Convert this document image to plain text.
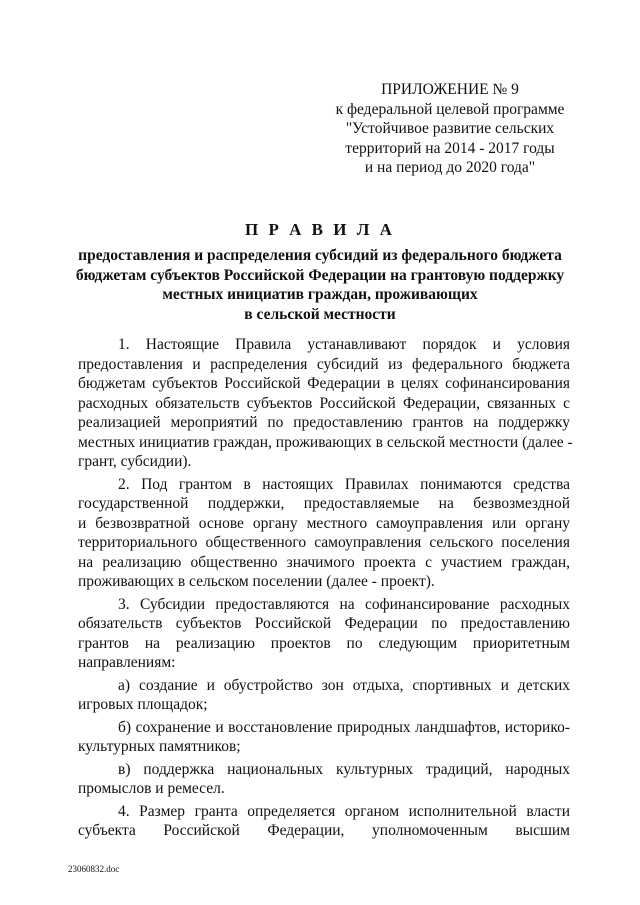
ПРИЛОЖЕНИЕ № 9
к федеральной целевой программе
"Устойчивое развитие сельских
территорий на 2014 - 2017 годы
и на период до 2020 года"
П Р А В И Л А
предоставления и распределения субсидий из федерального бюджета
бюджетам субъектов Российской Федерации на грантовую поддержку
местных инициатив граждан, проживающих
в сельской местности
1. Настоящие Правила устанавливают порядок и условия
предоставления и распределения субсидий из федерального бюджета
бюджетам субъектов Российской Федерации в целях софинансирования
расходных обязательств субъектов Российской Федерации, связанных с
реализацией мероприятий по предоставлению грантов на поддержку
местных инициатив граждан, проживающих в сельской местности (далее -
грант, субсидии).
2. Под грантом в настоящих Правилах понимаются средства
государственной поддержки, предоставляемые на безвозмездной
и безвозвратной основе органу местного самоуправления или органу
территориального общественного самоуправления сельского поселения
на реализацию общественно значимого проекта с участием граждан,
проживающих в сельском поселении (далее - проект).
3. Субсидии предоставляются на софинансирование расходных
обязательств субъектов Российской Федерации по предоставлению
грантов на реализацию проектов по следующим приоритетным
направлениям:
а) создание и обустройство зон отдыха, спортивных и детских
игровых площадок;
б) сохранение и восстановление природных ландшафтов, историко-
культурных памятников;
в) поддержка национальных культурных традиций, народных
промыслов и ремесел.
4. Размер гранта определяется органом исполнительной власти
субъекта Российской Федерации, уполномоченным высшим
23060832.doc
